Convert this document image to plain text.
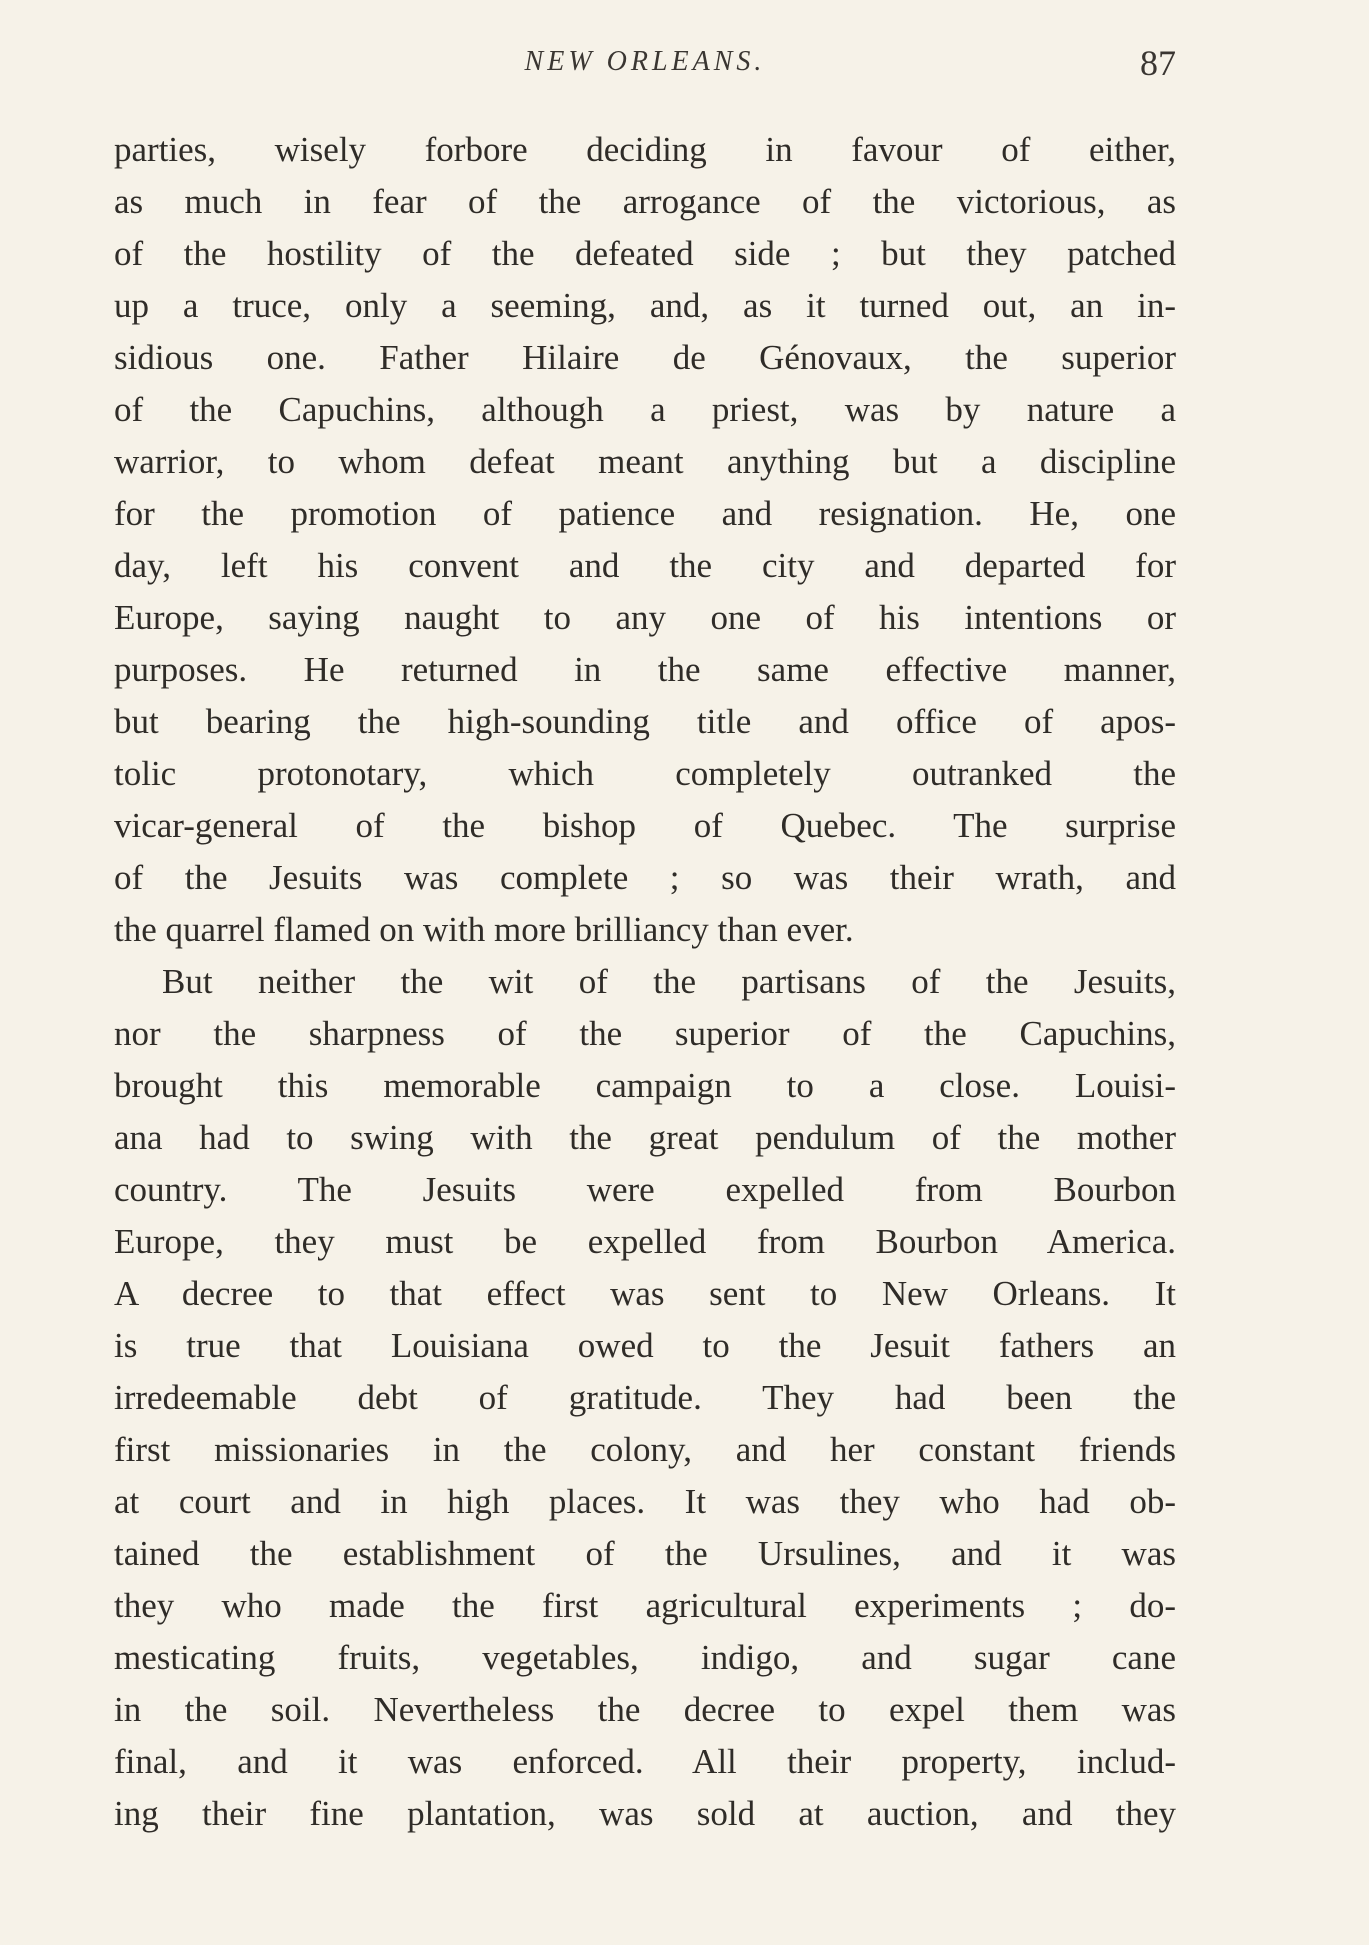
NEW ORLEANS.	87
parties, wisely forbore deciding in favour of either,
as much in fear of the arrogance of the victorious, as
of the hostility of the defeated side ; but they patched
up a truce, only a seeming, and, as it turned out, an in-
sidious one. Father Hilaire de Génovaux, the superior
of the Capuchins, although a priest, was by nature a
warrior, to whom defeat meant anything but a discipline
for the promotion of patience and resignation. He, one
day, left his convent and the city and departed for
Europe, saying naught to any one of his intentions or
purposes. He returned in the same effective manner,
but bearing the high-sounding title and office of apos-
tolic protonotary, which completely outranked the
vicar-general of the bishop of Quebec. The surprise
of the Jesuits was complete ; so was their wrath, and
the quarrel flamed on with more brilliancy than ever.
But neither the wit of the partisans of the Jesuits,
nor the sharpness of the superior of the Capuchins,
brought this memorable campaign to a close. Louisi-
ana had to swing with the great pendulum of the mother
country. The Jesuits were expelled from Bourbon
Europe, they must be expelled from Bourbon America.
A decree to that effect was sent to New Orleans. It
is true that Louisiana owed to the Jesuit fathers an
irredeemable debt of gratitude. They had been the
first missionaries in the colony, and her constant friends
at court and in high places. It was they who had ob-
tained the establishment of the Ursulines, and it was
they who made the first agricultural experiments ; do-
mesticating fruits, vegetables, indigo, and sugar cane
in the soil. Nevertheless the decree to expel them was
final, and it was enforced. All their property, includ-
ing their fine plantation, was sold at auction, and they
